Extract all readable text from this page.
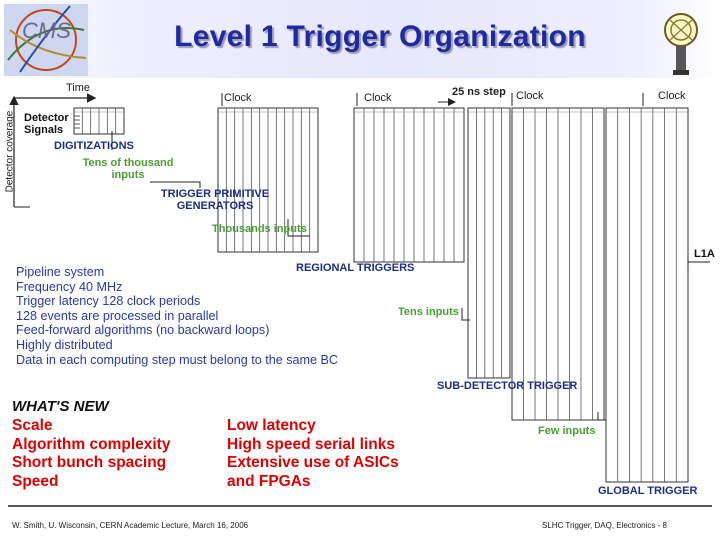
CMS	Level 1 Trigger Organization
Time
Detector coverage Detector
Signals
DIGITIZATIONS
Tens of thousand
inputs
TRIGGER PRIMITIVE
GENERATORS
Thousands inputs
REGIONAL TRIGGERS
Tens inputs
SUB-DETECTOR TRIGGER
Few inputs
GLOBAL TRIGGER
L1A
Clock	Clock	Clock	Clock
25 ns step
Pipeline system
Frequency 40 MHz
Trigger latency 128 clock periods
128 events are processed in parallel
Feed-forward algorithms (no backward loops)
Highly distributed
Data in each computing step must belong to the same BC
WHAT'S NEW
Scale
Algorithm complexity
Short bunch spacing
Speed
Low latency
High speed serial links
Extensive use of ASICs
and FPGAs
W. Smith, U. Wisconsin, CERN Academic Lecture, March 16, 2006	SLHC Trigger, DAQ, Electronics - 8
